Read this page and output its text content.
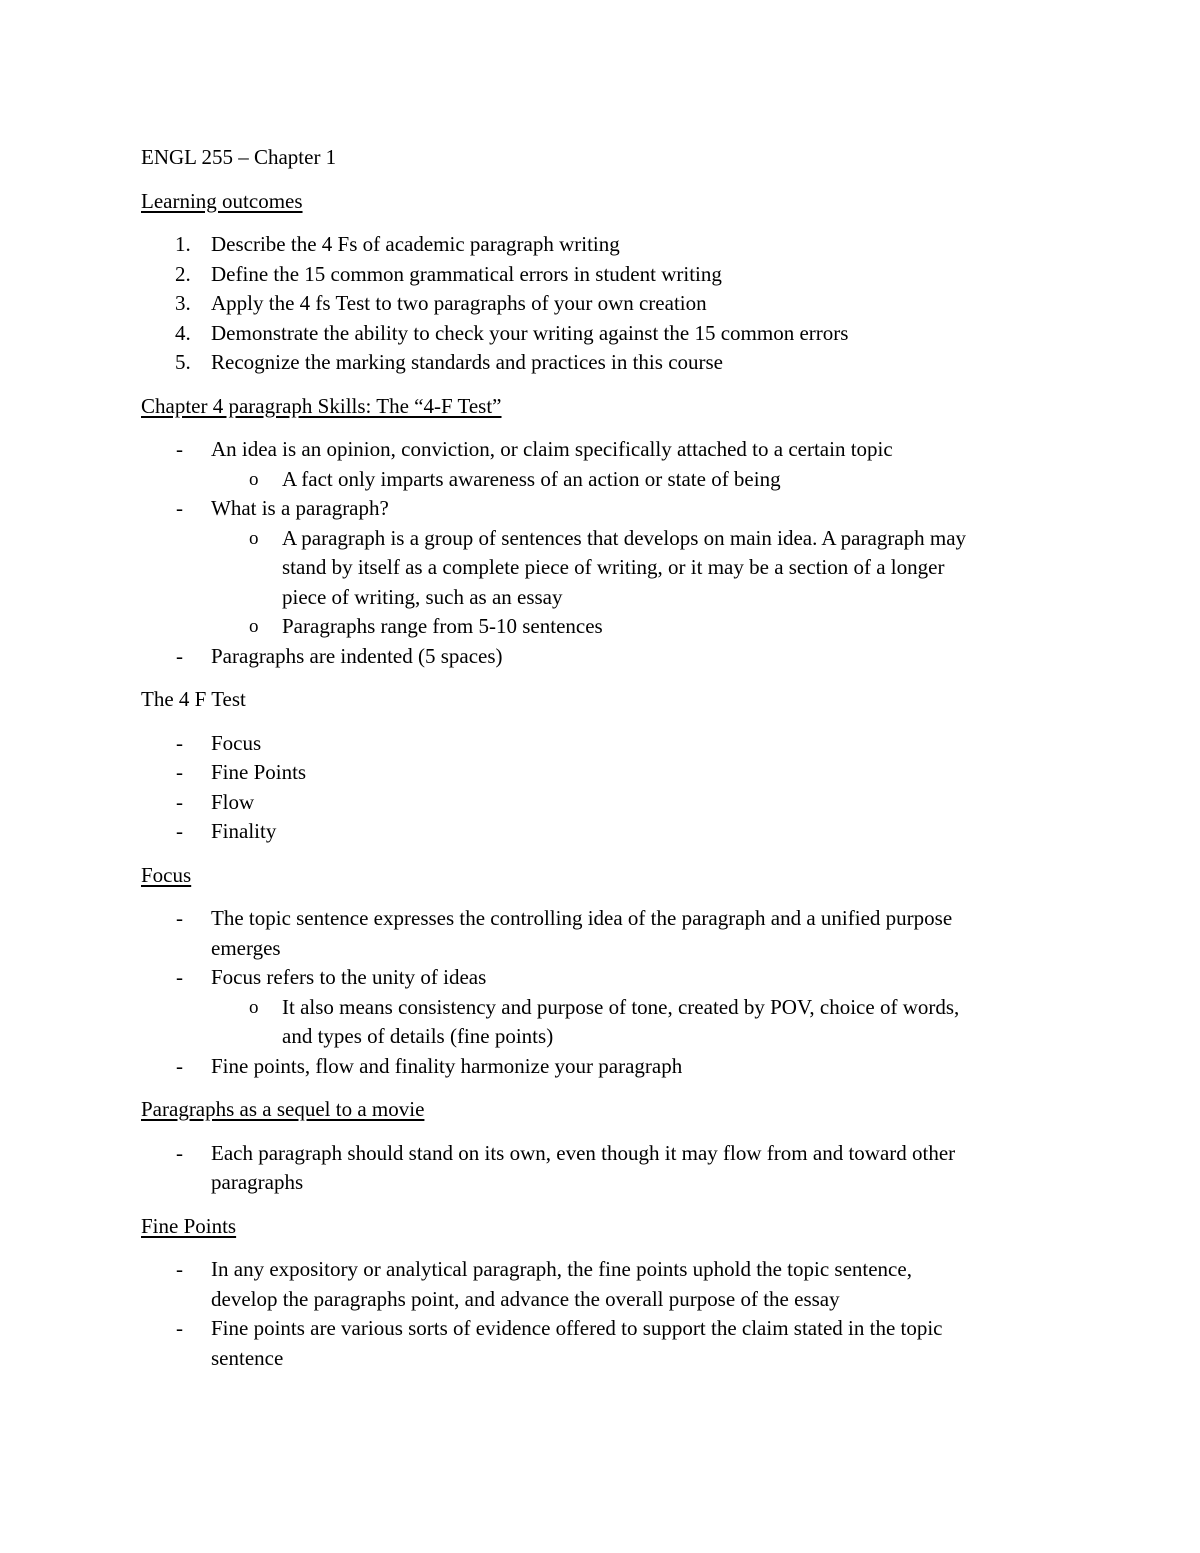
ENGL 255 – Chapter 1
Learning outcomes
1. Describe the 4 Fs of academic paragraph writing
2. Define the 15 common grammatical errors in student writing
3. Apply the 4 fs Test to two paragraphs of your own creation
4. Demonstrate the ability to check your writing against the 15 common errors
5. Recognize the marking standards and practices in this course
Chapter 4 paragraph Skills: The “4-F Test”
- An idea is an opinion, conviction, or claim specifically attached to a certain topic
o A fact only imparts awareness of an action or state of being
- What is a paragraph?
o A paragraph is a group of sentences that develops on main idea. A paragraph may
stand by itself as a complete piece of writing, or it may be a section of a longer
piece of writing, such as an essay
o Paragraphs range from 5-10 sentences
- Paragraphs are indented (5 spaces)
The 4 F Test
- Focus
- Fine Points
- Flow
- Finality
Focus
- The topic sentence expresses the controlling idea of the paragraph and a unified purpose
emerges
- Focus refers to the unity of ideas
o It also means consistency and purpose of tone, created by POV, choice of words,
and types of details (fine points)
- Fine points, flow and finality harmonize your paragraph
Paragraphs as a sequel to a movie
- Each paragraph should stand on its own, even though it may flow from and toward other
paragraphs
Fine Points
- In any expository or analytical paragraph, the fine points uphold the topic sentence,
develop the paragraphs point, and advance the overall purpose of the essay
- Fine points are various sorts of evidence offered to support the claim stated in the topic
sentence
